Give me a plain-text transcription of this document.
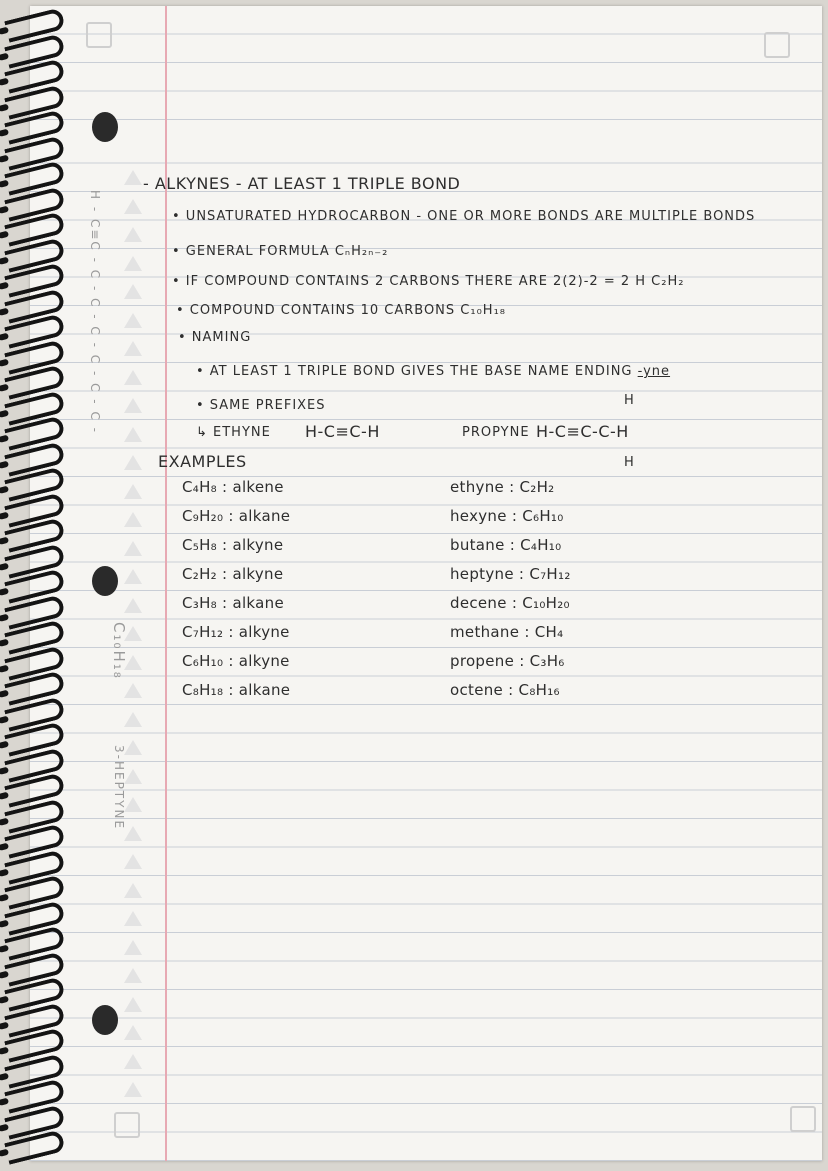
H - C≡C - C - C - C - C - C - C -
C₁₀H₁₈
3-HEPTYNE
- ALKYNES - AT LEAST 1 TRIPLE BOND
• UNSATURATED HYDROCARBON - ONE OR MORE BONDS ARE MULTIPLE BONDS
• GENERAL FORMULA CₙH₂ₙ₋₂
• IF COMPOUND CONTAINS 2 CARBONS THERE ARE 2(2)-2 = 2 H C₂H₂
• COMPOUND CONTAINS 10 CARBONS C₁₀H₁₈
• NAMING
• AT LEAST 1 TRIPLE BOND GIVES THE BASE NAME ENDING -yne
• SAME PREFIXES
↳ ETHYNE H-C≡C-H	PROPYNE H-C≡C-C-H
H
H
EXAMPLES
C₄H₈ : alkene
C₉H₂₀ : alkane
C₅H₈ : alkyne
C₂H₂ : alkyne
C₃H₈ : alkane
C₇H₁₂ : alkyne
C₆H₁₀ : alkyne
C₈H₁₈ : alkane
ethyne : C₂H₂
hexyne : C₆H₁₀
butane : C₄H₁₀
heptyne : C₇H₁₂
decene : C₁₀H₂₀
methane : CH₄
propene : C₃H₆
octene : C₈H₁₆
